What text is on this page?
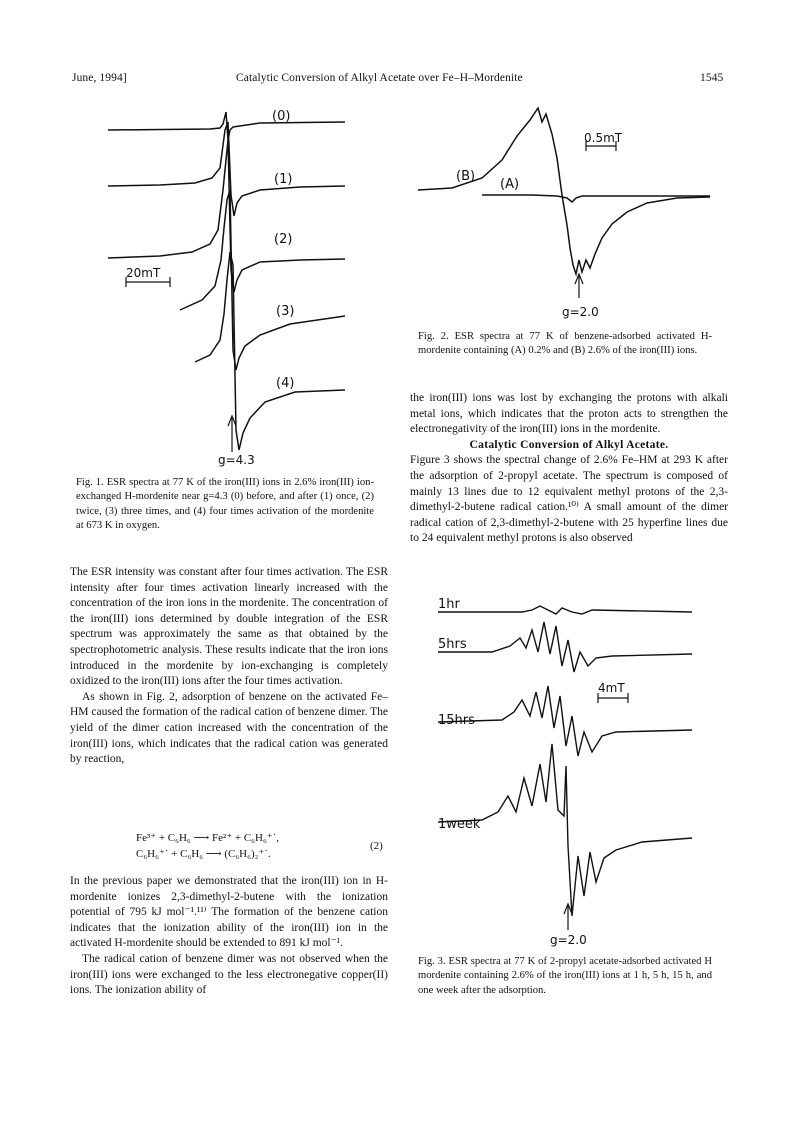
June, 1994]	Catalytic Conversion of Alkyl Acetate over Fe–H–Mordenite	1545
(0)
(1)
(2)
(3)
(4)
20mT
g=4.3

Fig. 1. ESR spectra at 77 K of the iron(III) ions in 2.6% iron(III) ion-exchanged H-mordenite near g=4.3 (0) before, and after (1) once, (2) twice, (3) three times, and (4) four times activation of the mordenite at 673 K in oxygen.

(B)
(A)
0.5mT
g=2.0

Fig. 2. ESR spectra at 77 K of benzene-adsorbed activated H-mordenite containing (A) 0.2% and (B) 2.6% of the iron(III) ions.

1hr
5hrs
15hrs
1week
4mT
g=2.0

Fig. 3. ESR spectra at 77 K of 2-propyl acetate-adsorbed activated H mordenite containing 2.6% of the iron(III) ions at 1 h, 5 h, 15 h, and one week after the adsorption.

The ESR intensity was constant after four times activation. The ESR intensity after four times activation linearly increased with the concentration of the iron ions in the mordenite. The concentration of the iron(III) ions determined by double integration of the ESR spectrum was approximately the same as that obtained by the spectrophotometric analysis. These results indicate that the iron ions introduced in the mordenite by ion-exchanging is completely oxidized to the iron(III) ions after the four times activation.

As shown in Fig. 2, adsorption of benzene on the activated Fe–HM caused the formation of the radical cation of benzene dimer. The yield of the dimer cation increased with the concentration of the iron(III) ions, which indicates that the radical cation was generated by reaction,

Fe³⁺ + C₆H₆ ⟶ Fe²⁺ + C₆H₆⁺˙,
C₆H₆⁺˙ + C₆H₆ ⟶ (C₆H₆)₂⁺˙.
(2)

In the previous paper we demonstrated that the iron(III) ion in H-mordenite ionizes 2,3-dimethyl-2-butene with the ionization potential of 795 kJ mol⁻¹.¹¹⁾ The formation of the benzene cation indicates that the ionization ability of the iron(III) ion in the activated H-mordenite should be extended to 891 kJ mol⁻¹.

The radical cation of benzene dimer was not observed when the iron(III) ions were exchanged to the less electronegative copper(II) ions. The ionization ability of

the iron(III) ions was lost by exchanging the protons with alkali metal ions, which indicates that the proton acts to strengthen the electronegativity of the iron(III) ions in the mordenite.

Catalytic Conversion of Alkyl Acetate.

Figure 3 shows the spectral change of 2.6% Fe–HM at 293 K after the adsorption of 2-propyl acetate. The spectrum is composed of mainly 13 lines due to 12 equivalent methyl protons of the 2,3-dimethyl-2-butene radical cation.¹⁰⁾ A small amount of the dimer radical cation of 2,3-dimethyl-2-butene with 25 hyperfine lines due to 24 equivalent methyl protons is also observed
